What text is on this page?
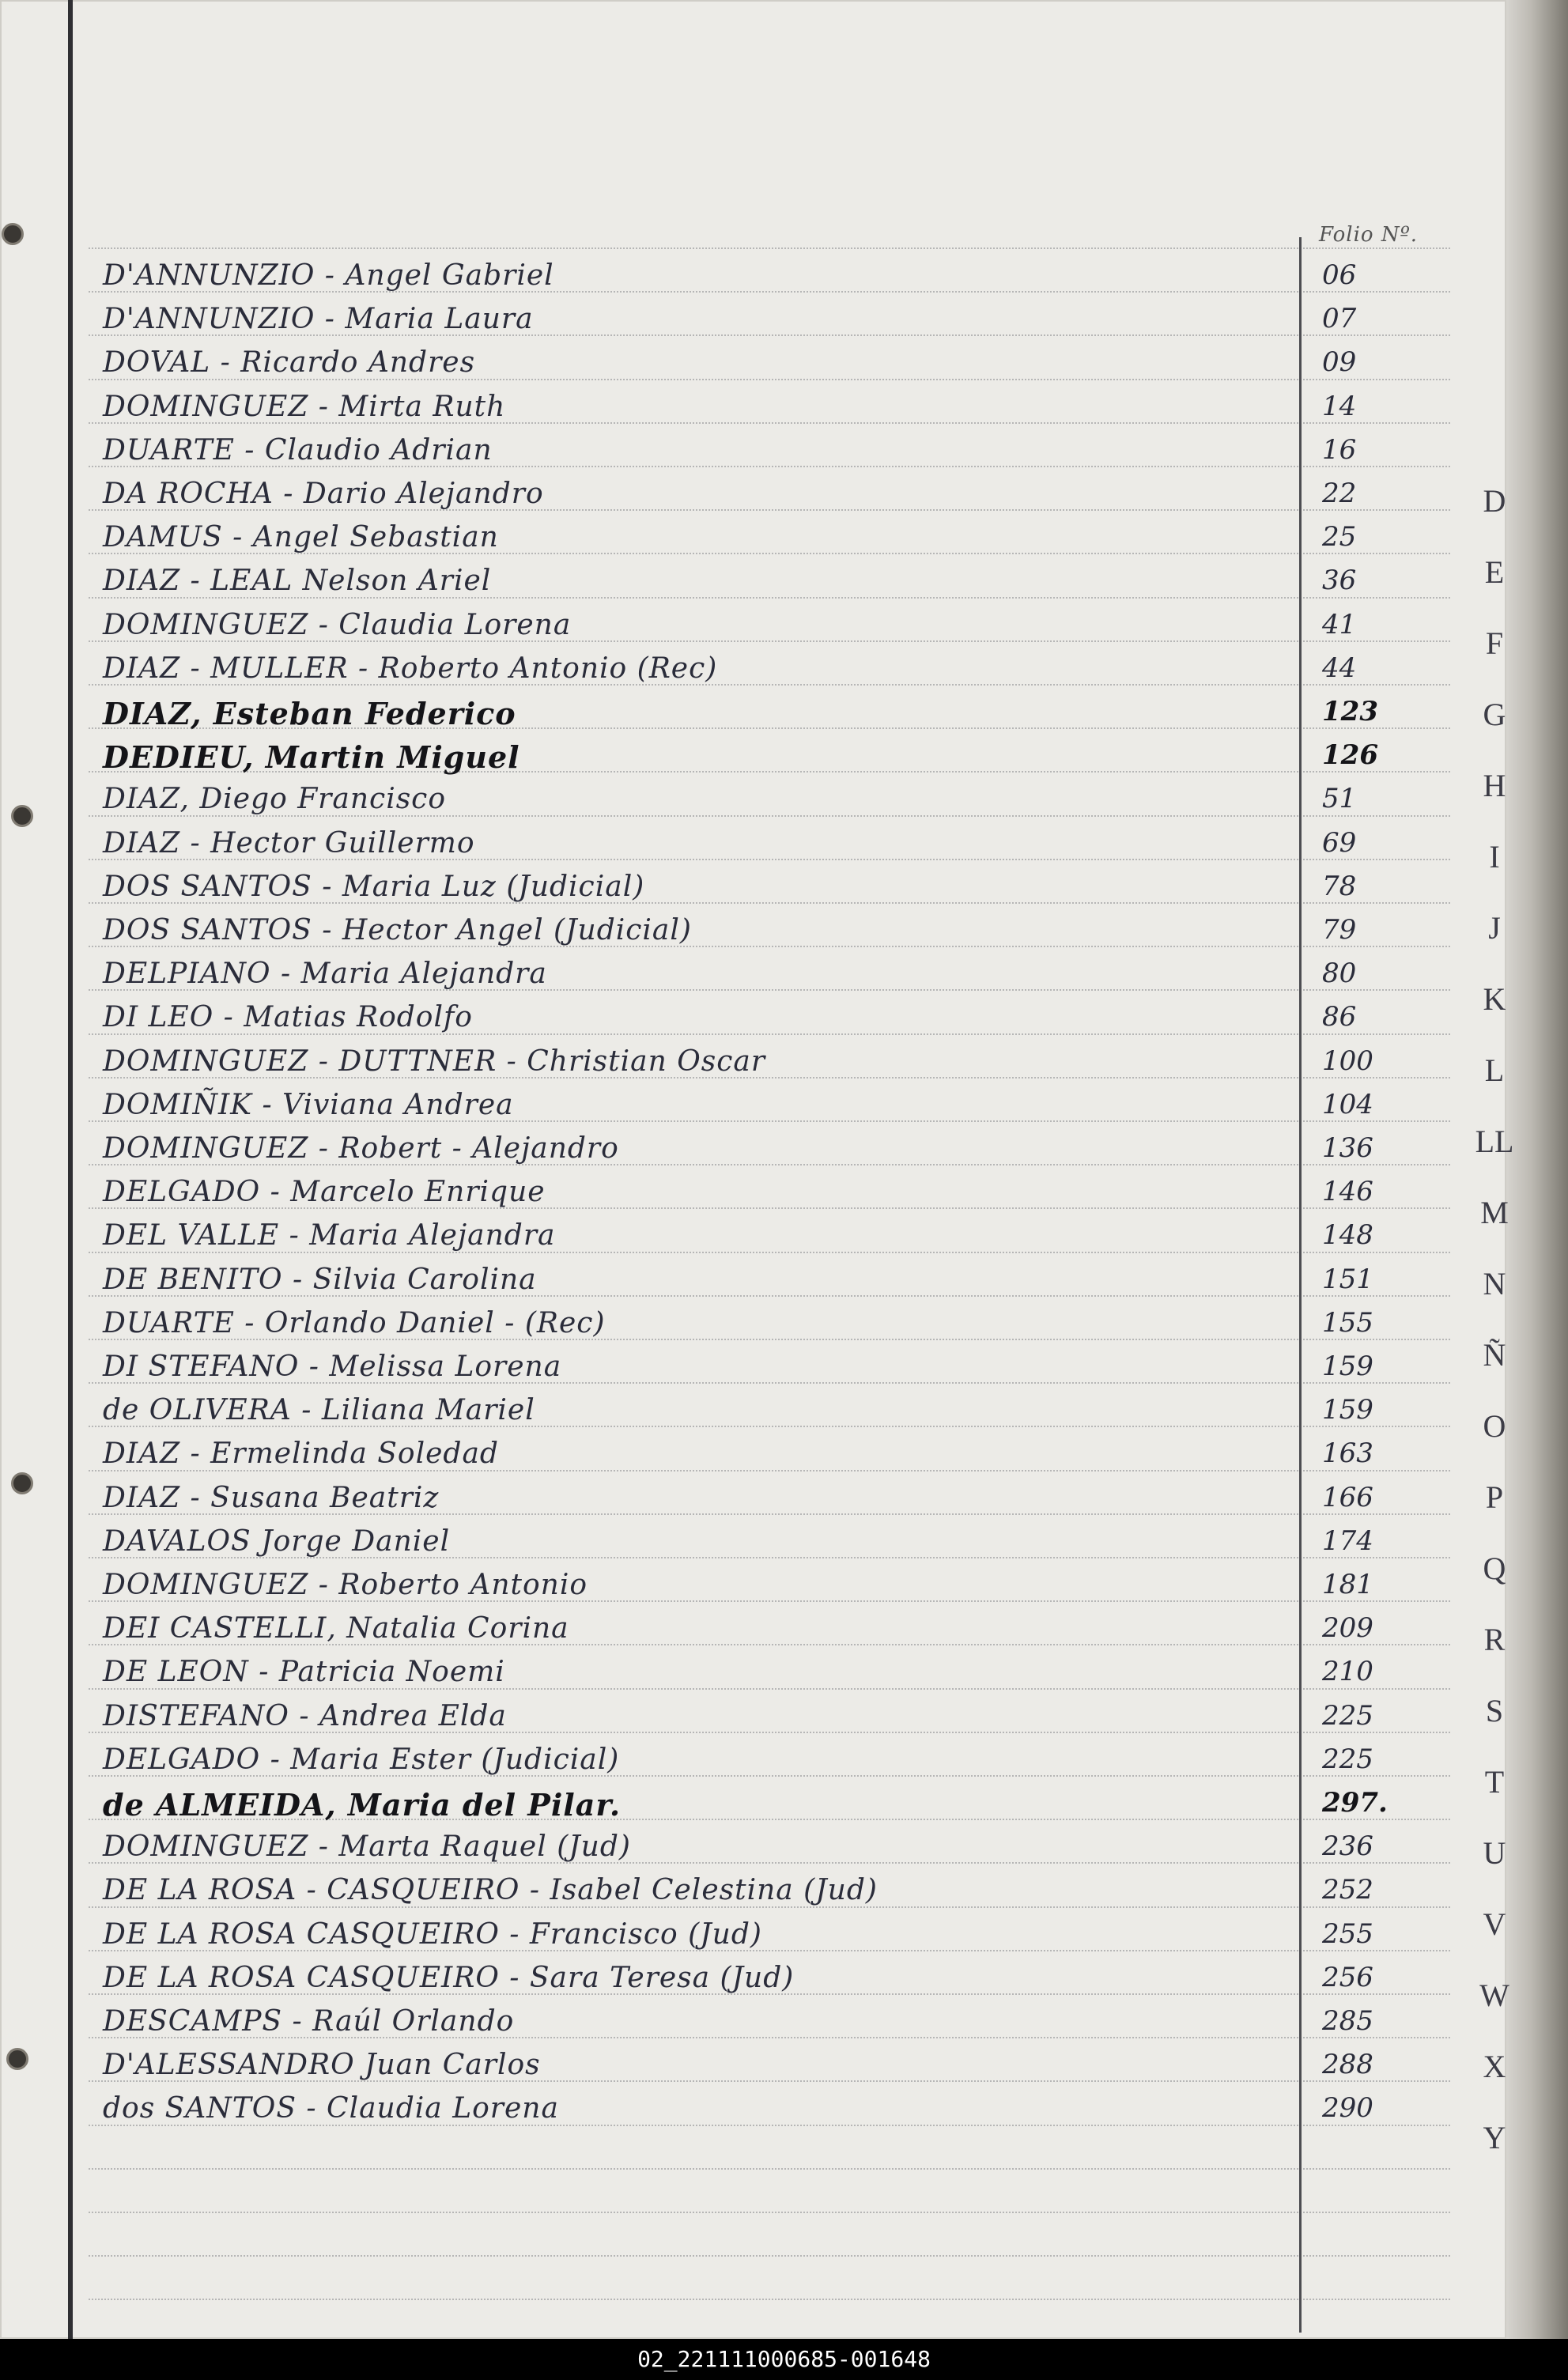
Folio Nº.
D'ANNUNZIO - Angel Gabriel	06
D'ANNUNZIO - Maria Laura	07
DOVAL - Ricardo Andres	09
DOMINGUEZ - Mirta Ruth	14
DUARTE - Claudio Adrian	16
DA ROCHA - Dario Alejandro	22
DAMUS - Angel Sebastian	25
DIAZ - LEAL Nelson Ariel	36
DOMINGUEZ - Claudia Lorena	41
DIAZ - MULLER - Roberto Antonio (Rec)	44
DIAZ, Esteban Federico	123
DEDIEU, Martin Miguel	126
DIAZ, Diego Francisco	51
DIAZ - Hector Guillermo	69
DOS SANTOS - Maria Luz (Judicial)	78
DOS SANTOS - Hector Angel (Judicial)	79
DELPIANO - Maria Alejandra	80
DI LEO - Matias Rodolfo	86
DOMINGUEZ - DUTTNER - Christian Oscar	100
DOMIÑIK - Viviana Andrea	104
DOMINGUEZ - Robert - Alejandro	136
DELGADO - Marcelo Enrique	146
DEL VALLE - Maria Alejandra	148
DE BENITO - Silvia Carolina	151
DUARTE - Orlando Daniel - (Rec)	155
DI STEFANO - Melissa Lorena	159
de OLIVERA - Liliana Mariel	159
DIAZ - Ermelinda Soledad	163
DIAZ - Susana Beatriz	166
DAVALOS Jorge Daniel	174
DOMINGUEZ - Roberto Antonio	181
DEI CASTELLI, Natalia Corina	209
DE LEON - Patricia Noemi	210
DISTEFANO - Andrea Elda	225
DELGADO - Maria Ester (Judicial)	225
de ALMEIDA, Maria del Pilar.	297.
DOMINGUEZ - Marta Raquel (Jud)	236
DE LA ROSA - CASQUEIRO - Isabel Celestina (Jud)	252
DE LA ROSA CASQUEIRO - Francisco (Jud)	255
DE LA ROSA CASQUEIRO - Sara Teresa (Jud)	256
DESCAMPS - Raúl Orlando	285
D'ALESSANDRO Juan Carlos	288
dos SANTOS - Claudia Lorena	290
D
E
F
G
H
I
J
K
L
LL
M
N
Ñ
O
P
Q
R
S
T
U
V
W
X
Y
02_221111000685-001648
